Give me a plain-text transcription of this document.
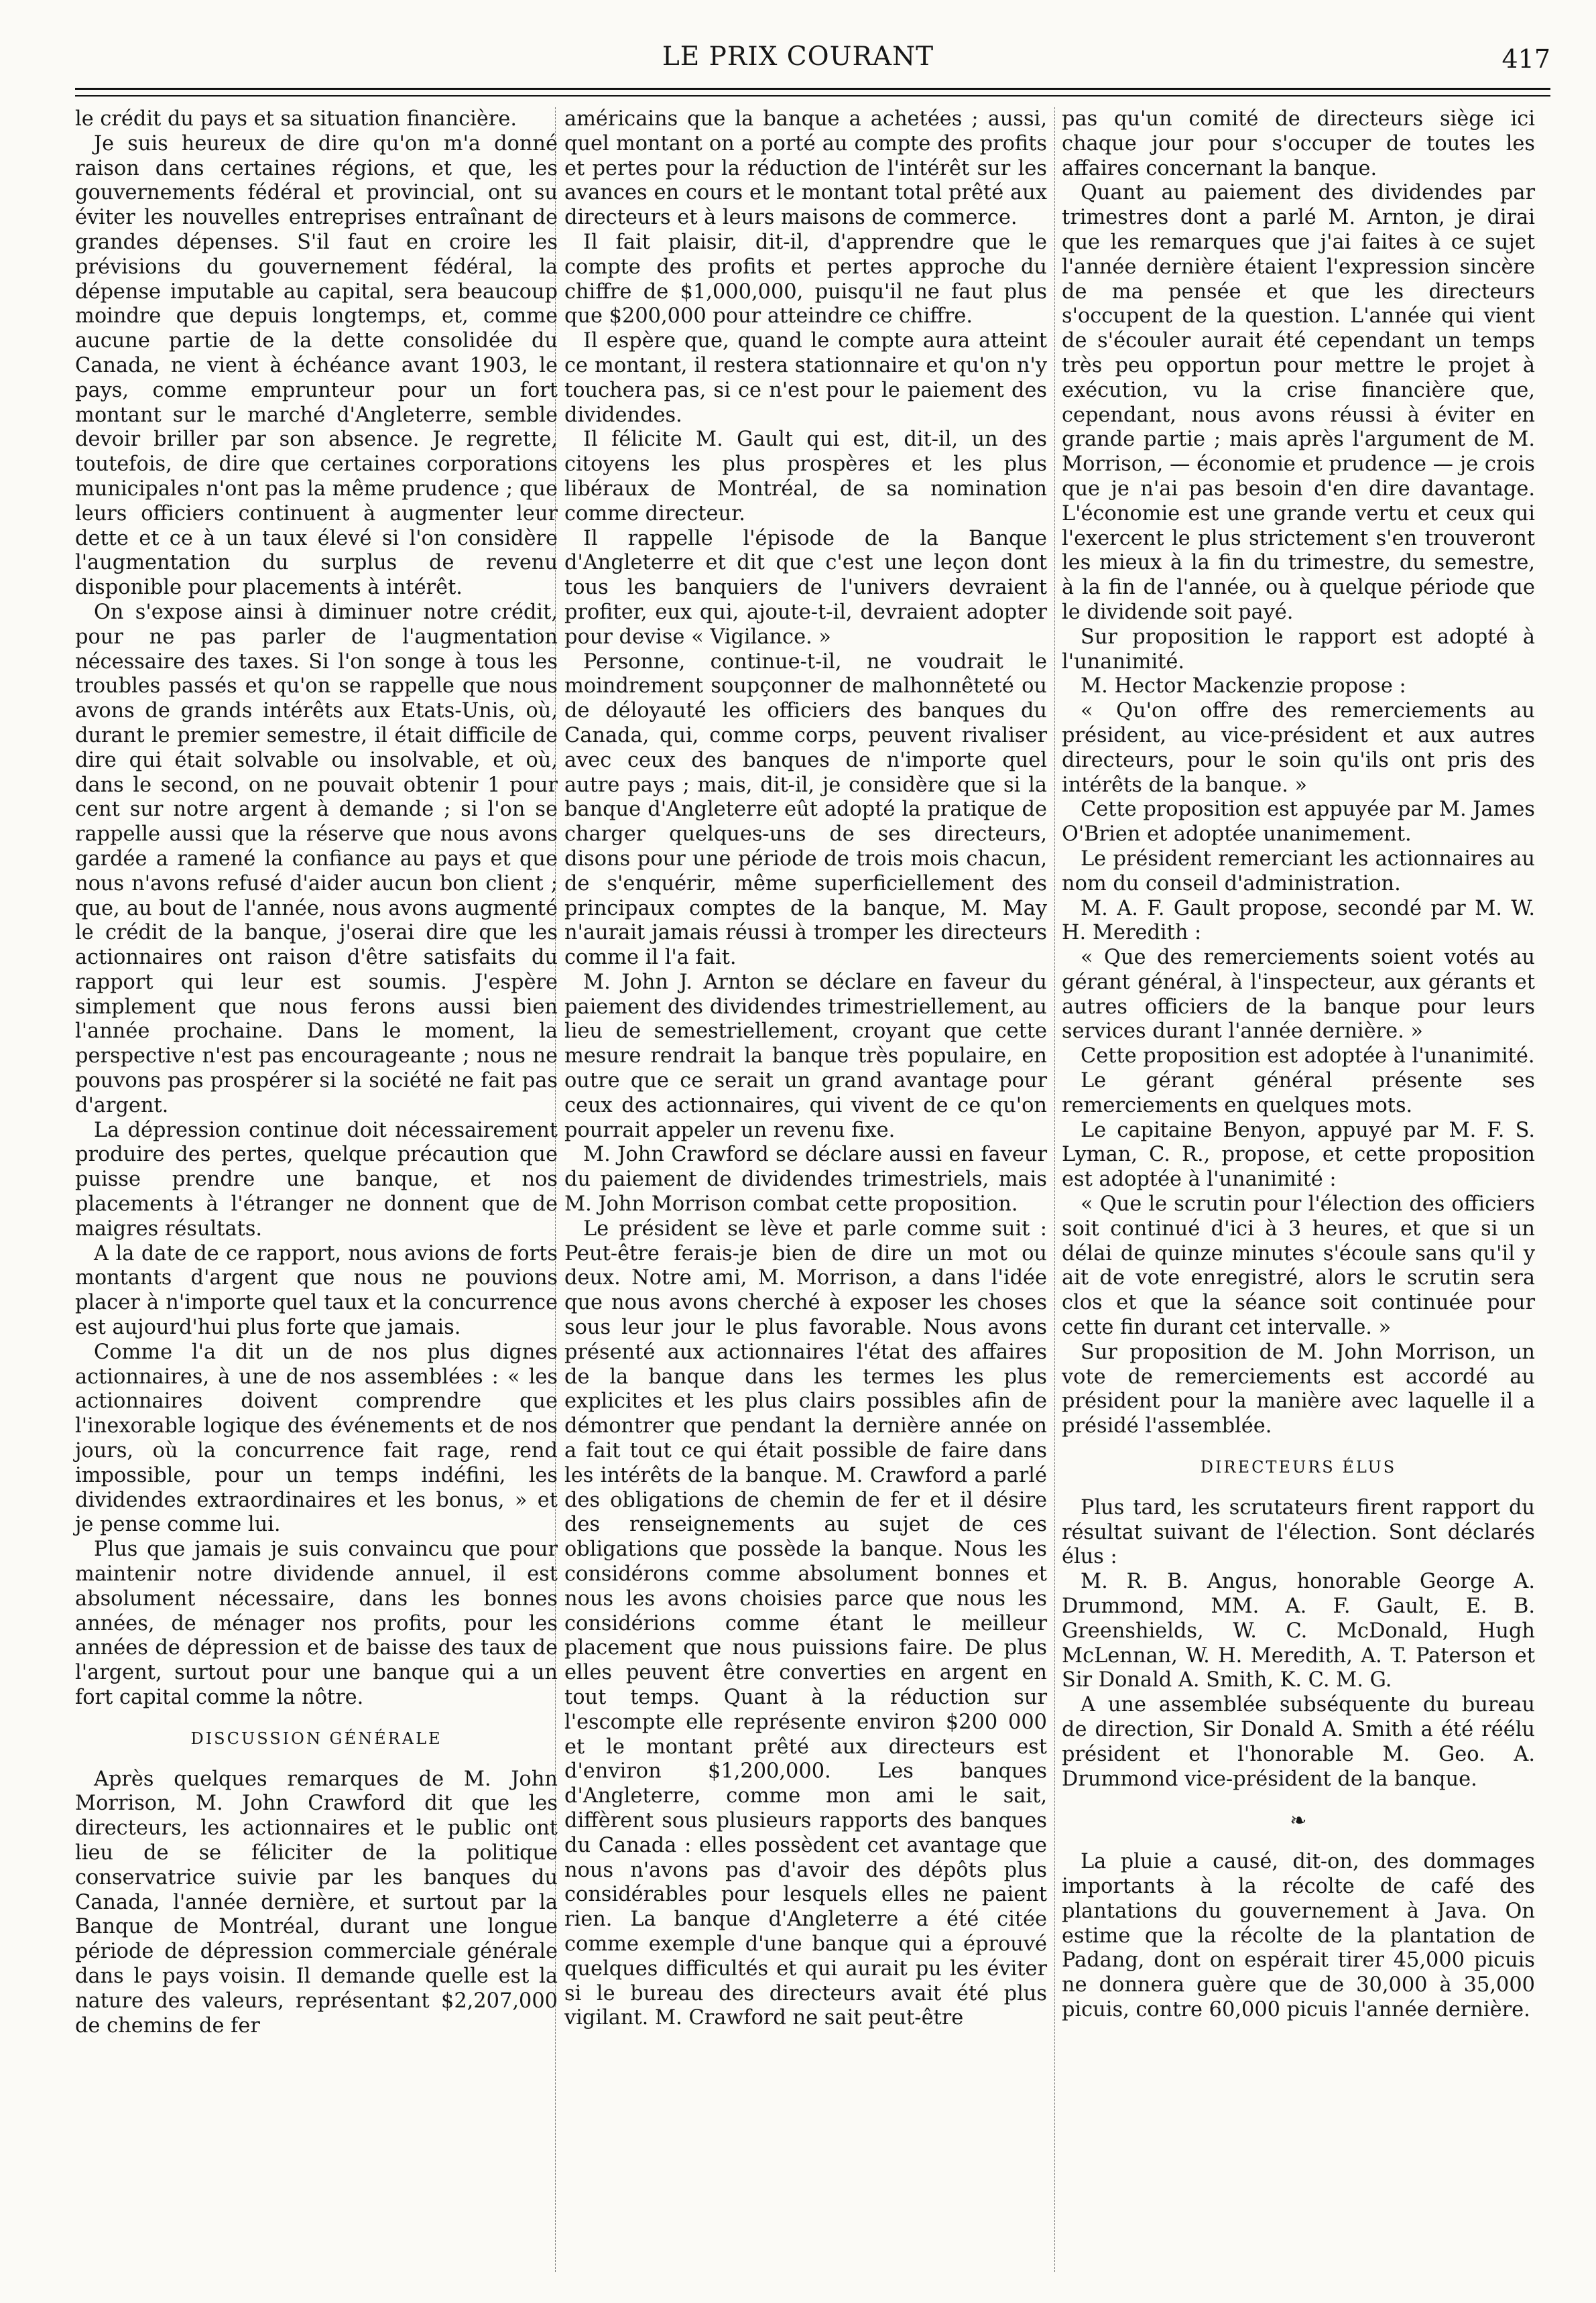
LE PRIX COURANT	417

le crédit du pays et sa situation financière.

Je suis heureux de dire qu'on m'a donné raison dans certaines régions, et que, les gouvernements fédéral et provincial, ont su éviter les nouvelles entreprises entraînant de grandes dépenses. S'il faut en croire les prévisions du gouvernement fédéral, la dépense imputable au capital, sera beaucoup moindre que depuis longtemps, et, comme aucune partie de la dette consolidée du Canada, ne vient à échéance avant 1903, le pays, comme emprunteur pour un fort montant sur le marché d'Angleterre, semble devoir briller par son absence. Je regrette, toutefois, de dire que certaines corporations municipales n'ont pas la même prudence ; que leurs officiers continuent à augmenter leur dette et ce à un taux élevé si l'on considère l'augmentation du surplus de revenu disponible pour placements à intérêt.

On s'expose ainsi à diminuer notre crédit, pour ne pas parler de l'augmentation nécessaire des taxes. Si l'on songe à tous les troubles passés et qu'on se rappelle que nous avons de grands intérêts aux Etats-Unis, où, durant le premier semestre, il était difficile de dire qui était solvable ou insolvable, et où, dans le second, on ne pouvait obtenir 1 pour cent sur notre argent à demande ; si l'on se rappelle aussi que la réserve que nous avons gardée a ramené la confiance au pays et que nous n'avons refusé d'aider aucun bon client ; que, au bout de l'année, nous avons augmenté le crédit de la banque, j'oserai dire que les actionnaires ont raison d'être satisfaits du rapport qui leur est soumis. J'espère simplement que nous ferons aussi bien l'année prochaine. Dans le moment, la perspective n'est pas encourageante ; nous ne pouvons pas prospérer si la société ne fait pas d'argent.

La dépression continue doit nécessairement produire des pertes, quelque précaution que puisse prendre une banque, et nos placements à l'étranger ne donnent que de maigres résultats.

A la date de ce rapport, nous avions de forts montants d'argent que nous ne pouvions placer à n'importe quel taux et la concurrence est aujourd'hui plus forte que jamais.

Comme l'a dit un de nos plus dignes actionnaires, à une de nos assemblées : « les actionnaires doivent comprendre que l'inexorable logique des événements et de nos jours, où la concurrence fait rage, rend impossible, pour un temps indéfini, les dividendes extraordinaires et les bonus, » et je pense comme lui.

Plus que jamais je suis convaincu que pour maintenir notre dividende annuel, il est absolument nécessaire, dans les bonnes années, de ménager nos profits, pour les années de dépression et de baisse des taux de l'argent, surtout pour une banque qui a un fort capital comme la nôtre.

DISCUSSION GÉNÉRALE

Après quelques remarques de M. John Morrison, M. John Crawford dit que les directeurs, les actionnaires et le public ont lieu de se féliciter de la politique conservatrice suivie par les banques du Canada, l'année dernière, et surtout par la Banque de Montréal, durant une longue période de dépression commerciale générale dans le pays voisin. Il demande quelle est la nature des valeurs, représentant $2,207,000 de chemins de fer

américains que la banque a achetées ; aussi, quel montant on a porté au compte des profits et pertes pour la réduction de l'intérêt sur les avances en cours et le montant total prêté aux directeurs et à leurs maisons de commerce.

Il fait plaisir, dit-il, d'apprendre que le compte des profits et pertes approche du chiffre de $1,000,000, puisqu'il ne faut plus que $200,000 pour atteindre ce chiffre.

Il espère que, quand le compte aura atteint ce montant, il restera stationnaire et qu'on n'y touchera pas, si ce n'est pour le paiement des dividendes.

Il félicite M. Gault qui est, dit-il, un des citoyens les plus prospères et les plus libéraux de Montréal, de sa nomination comme directeur.

Il rappelle l'épisode de la Banque d'Angleterre et dit que c'est une leçon dont tous les banquiers de l'univers devraient profiter, eux qui, ajoute-t-il, devraient adopter pour devise « Vigilance. »

Personne, continue-t-il, ne voudrait le moindrement soupçonner de malhonnêteté ou de déloyauté les officiers des banques du Canada, qui, comme corps, peuvent rivaliser avec ceux des banques de n'importe quel autre pays ; mais, dit-il, je considère que si la banque d'Angleterre eût adopté la pratique de charger quelques-uns de ses directeurs, disons pour une période de trois mois chacun, de s'enquérir, même superficiellement des principaux comptes de la banque, M. May n'aurait jamais réussi à tromper les directeurs comme il l'a fait.

M. John J. Arnton se déclare en faveur du paiement des dividendes trimestriellement, au lieu de semestriellement, croyant que cette mesure rendrait la banque très populaire, en outre que ce serait un grand avantage pour ceux des actionnaires, qui vivent de ce qu'on pourrait appeler un revenu fixe.

M. John Crawford se déclare aussi en faveur du paiement de dividendes trimestriels, mais M. John Morrison combat cette proposition.

Le président se lève et parle comme suit : Peut-être ferais-je bien de dire un mot ou deux. Notre ami, M. Morrison, a dans l'idée que nous avons cherché à exposer les choses sous leur jour le plus favorable. Nous avons présenté aux actionnaires l'état des affaires de la banque dans les termes les plus explicites et les plus clairs possibles afin de démontrer que pendant la dernière année on a fait tout ce qui était possible de faire dans les intérêts de la banque. M. Crawford a parlé des obligations de chemin de fer et il désire des renseignements au sujet de ces obligations que possède la banque. Nous les considérons comme absolument bonnes et nous les avons choisies parce que nous les considérions comme étant le meilleur placement que nous puissions faire. De plus elles peuvent être converties en argent en tout temps. Quant à la réduction sur l'escompte elle représente environ $200 000 et le montant prêté aux directeurs est d'environ $1,200,000. Les banques d'Angleterre, comme mon ami le sait, diffèrent sous plusieurs rapports des banques du Canada : elles possèdent cet avantage que nous n'avons pas d'avoir des dépôts plus considérables pour lesquels elles ne paient rien. La banque d'Angleterre a été citée comme exemple d'une banque qui a éprouvé quelques difficultés et qui aurait pu les éviter si le bureau des directeurs avait été plus vigilant. M. Crawford ne sait peut-être

pas qu'un comité de directeurs siège ici chaque jour pour s'occuper de toutes les affaires concernant la banque.

Quant au paiement des dividendes par trimestres dont a parlé M. Arnton, je dirai que les remarques que j'ai faites à ce sujet l'année dernière étaient l'expression sincère de ma pensée et que les directeurs s'occupent de la question. L'année qui vient de s'écouler aurait été cependant un temps très peu opportun pour mettre le projet à exécution, vu la crise financière que, cependant, nous avons réussi à éviter en grande partie ; mais après l'argument de M. Morrison, — économie et prudence — je crois que je n'ai pas besoin d'en dire davantage. L'économie est une grande vertu et ceux qui l'exercent le plus strictement s'en trouveront les mieux à la fin du trimestre, du semestre, à la fin de l'année, ou à quelque période que le dividende soit payé.

Sur proposition le rapport est adopté à l'unanimité.

M. Hector Mackenzie propose :

« Qu'on offre des remerciements au président, au vice-président et aux autres directeurs, pour le soin qu'ils ont pris des intérêts de la banque. »

Cette proposition est appuyée par M. James O'Brien et adoptée unanimement.

Le président remerciant les actionnaires au nom du conseil d'administration.

M. A. F. Gault propose, secondé par M. W. H. Meredith :

« Que des remerciements soient votés au gérant général, à l'inspecteur, aux gérants et autres officiers de la banque pour leurs services durant l'année dernière. »

Cette proposition est adoptée à l'unanimité.

Le gérant général présente ses remerciements en quelques mots.

Le capitaine Benyon, appuyé par M. F. S. Lyman, C. R., propose, et cette proposition est adoptée à l'unanimité :

« Que le scrutin pour l'élection des officiers soit continué d'ici à 3 heures, et que si un délai de quinze minutes s'écoule sans qu'il y ait de vote enregistré, alors le scrutin sera clos et que la séance soit continuée pour cette fin durant cet intervalle. »

Sur proposition de M. John Morrison, un vote de remerciements est accordé au président pour la manière avec laquelle il a présidé l'assemblée.

DIRECTEURS ÉLUS

Plus tard, les scrutateurs firent rapport du résultat suivant de l'élection. Sont déclarés élus :

M. R. B. Angus, honorable George A. Drummond, MM. A. F. Gault, E. B. Greenshields, W. C. McDonald, Hugh McLennan, W. H. Meredith, A. T. Paterson et Sir Donald A. Smith, K. C. M. G.

A une assemblée subséquente du bureau de direction, Sir Donald A. Smith a été réélu président et l'honorable M. Geo. A. Drummond vice-président de la banque.

❧

La pluie a causé, dit-on, des dommages importants à la récolte de café des plantations du gouvernement à Java. On estime que la récolte de la plantation de Padang, dont on espérait tirer 45,000 picuis ne donnera guère que de 30,000 à 35,000 picuis, contre 60,000 picuis l'année dernière.
